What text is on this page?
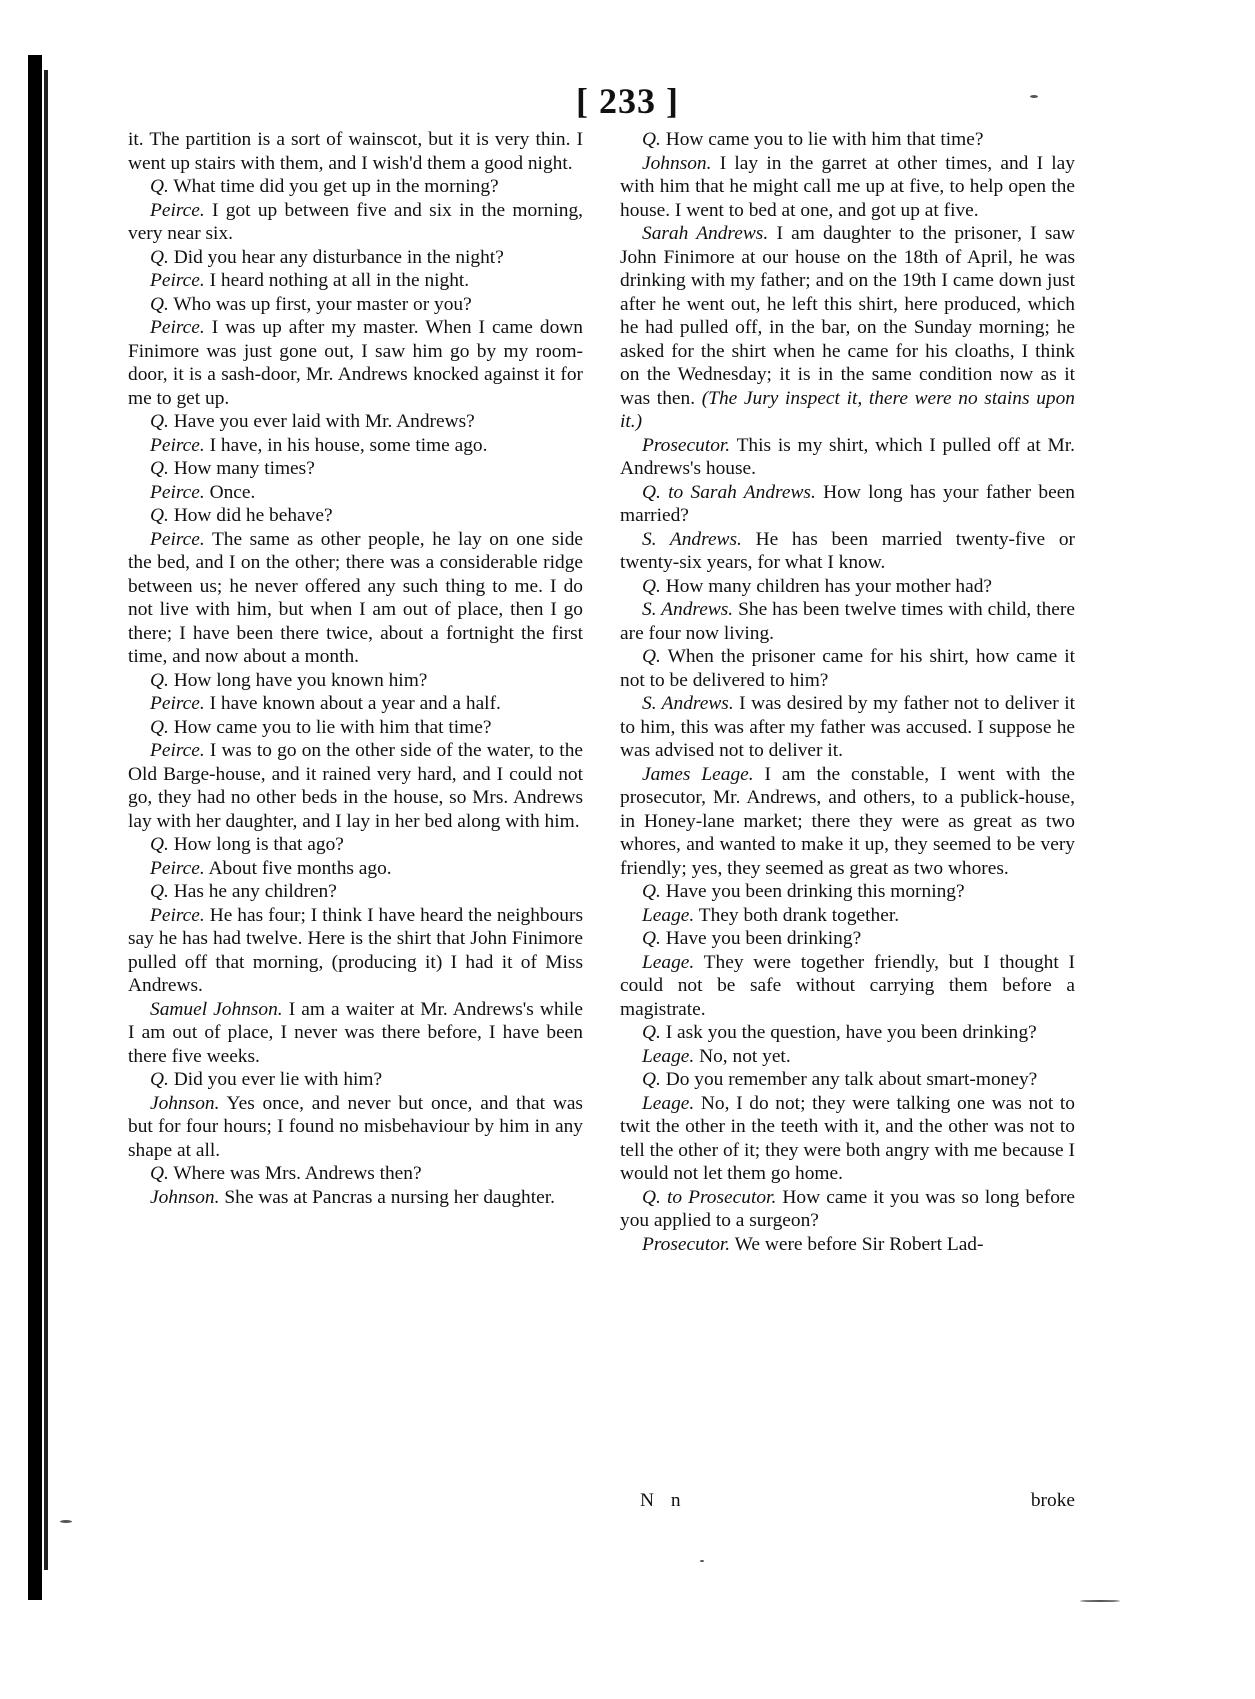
[ 233 ]

it. The partition is a sort of wainscot, but it is very thin. I went up stairs with them, and I wish'd them a good night.

Q. What time did you get up in the morning?

Peirce. I got up between five and six in the morning, very near six.

Q. Did you hear any disturbance in the night?

Peirce. I heard nothing at all in the night.

Q. Who was up first, your master or you?

Peirce. I was up after my master. When I came down Finimore was just gone out, I saw him go by my room-door, it is a sash-door, Mr. Andrews knocked against it for me to get up.

Q. Have you ever laid with Mr. Andrews?

Peirce. I have, in his house, some time ago.

Q. How many times?

Peirce. Once.

Q. How did he behave?

Peirce. The same as other people, he lay on one side the bed, and I on the other; there was a considerable ridge between us; he never offered any such thing to me. I do not live with him, but when I am out of place, then I go there; I have been there twice, about a fortnight the first time, and now about a month.

Q. How long have you known him?

Peirce. I have known about a year and a half.

Q. How came you to lie with him that time?

Peirce. I was to go on the other side of the water, to the Old Barge-house, and it rained very hard, and I could not go, they had no other beds in the house, so Mrs. Andrews lay with her daughter, and I lay in her bed along with him.

Q. How long is that ago?

Peirce. About five months ago.

Q. Has he any children?

Peirce. He has four; I think I have heard the neighbours say he has had twelve. Here is the shirt that John Finimore pulled off that morning, (producing it) I had it of Miss Andrews.

Samuel Johnson. I am a waiter at Mr. Andrews's while I am out of place, I never was there before, I have been there five weeks.

Q. Did you ever lie with him?

Johnson. Yes once, and never but once, and that was but for four hours; I found no misbehaviour by him in any shape at all.

Q. Where was Mrs. Andrews then?

Johnson. She was at Pancras a nursing her daughter.

Q. How came you to lie with him that time?

Johnson. I lay in the garret at other times, and I lay with him that he might call me up at five, to help open the house. I went to bed at one, and got up at five.

Sarah Andrews. I am daughter to the prisoner, I saw John Finimore at our house on the 18th of April, he was drinking with my father; and on the 19th I came down just after he went out, he left this shirt, here produced, which he had pulled off, in the bar, on the Sunday morning; he asked for the shirt when he came for his cloaths, I think on the Wednesday; it is in the same condition now as it was then. (The Jury inspect it, there were no stains upon it.)

Prosecutor. This is my shirt, which I pulled off at Mr. Andrews's house.

Q. to Sarah Andrews. How long has your father been married?

S. Andrews. He has been married twenty-five or twenty-six years, for what I know.

Q. How many children has your mother had?

S. Andrews. She has been twelve times with child, there are four now living.

Q. When the prisoner came for his shirt, how came it not to be delivered to him?

S. Andrews. I was desired by my father not to deliver it to him, this was after my father was accused. I suppose he was advised not to deliver it.

James Leage. I am the constable, I went with the prosecutor, Mr. Andrews, and others, to a publick-house, in Honey-lane market; there they were as great as two whores, and wanted to make it up, they seemed to be very friendly; yes, they seemed as great as two whores.

Q. Have you been drinking this morning?

Leage. They both drank together.

Q. Have you been drinking?

Leage. They were together friendly, but I thought I could not be safe without carrying them before a magistrate.

Q. I ask you the question, have you been drinking?

Leage. No, not yet.

Q. Do you remember any talk about smart-money?

Leage. No, I do not; they were talking one was not to twit the other in the teeth with it, and the other was not to tell the other of it; they were both angry with me because I would not let them go home.

Q. to Prosecutor. How came it you was so long before you applied to a surgeon?

Prosecutor. We were before Sir Robert Lad-

N n	broke
